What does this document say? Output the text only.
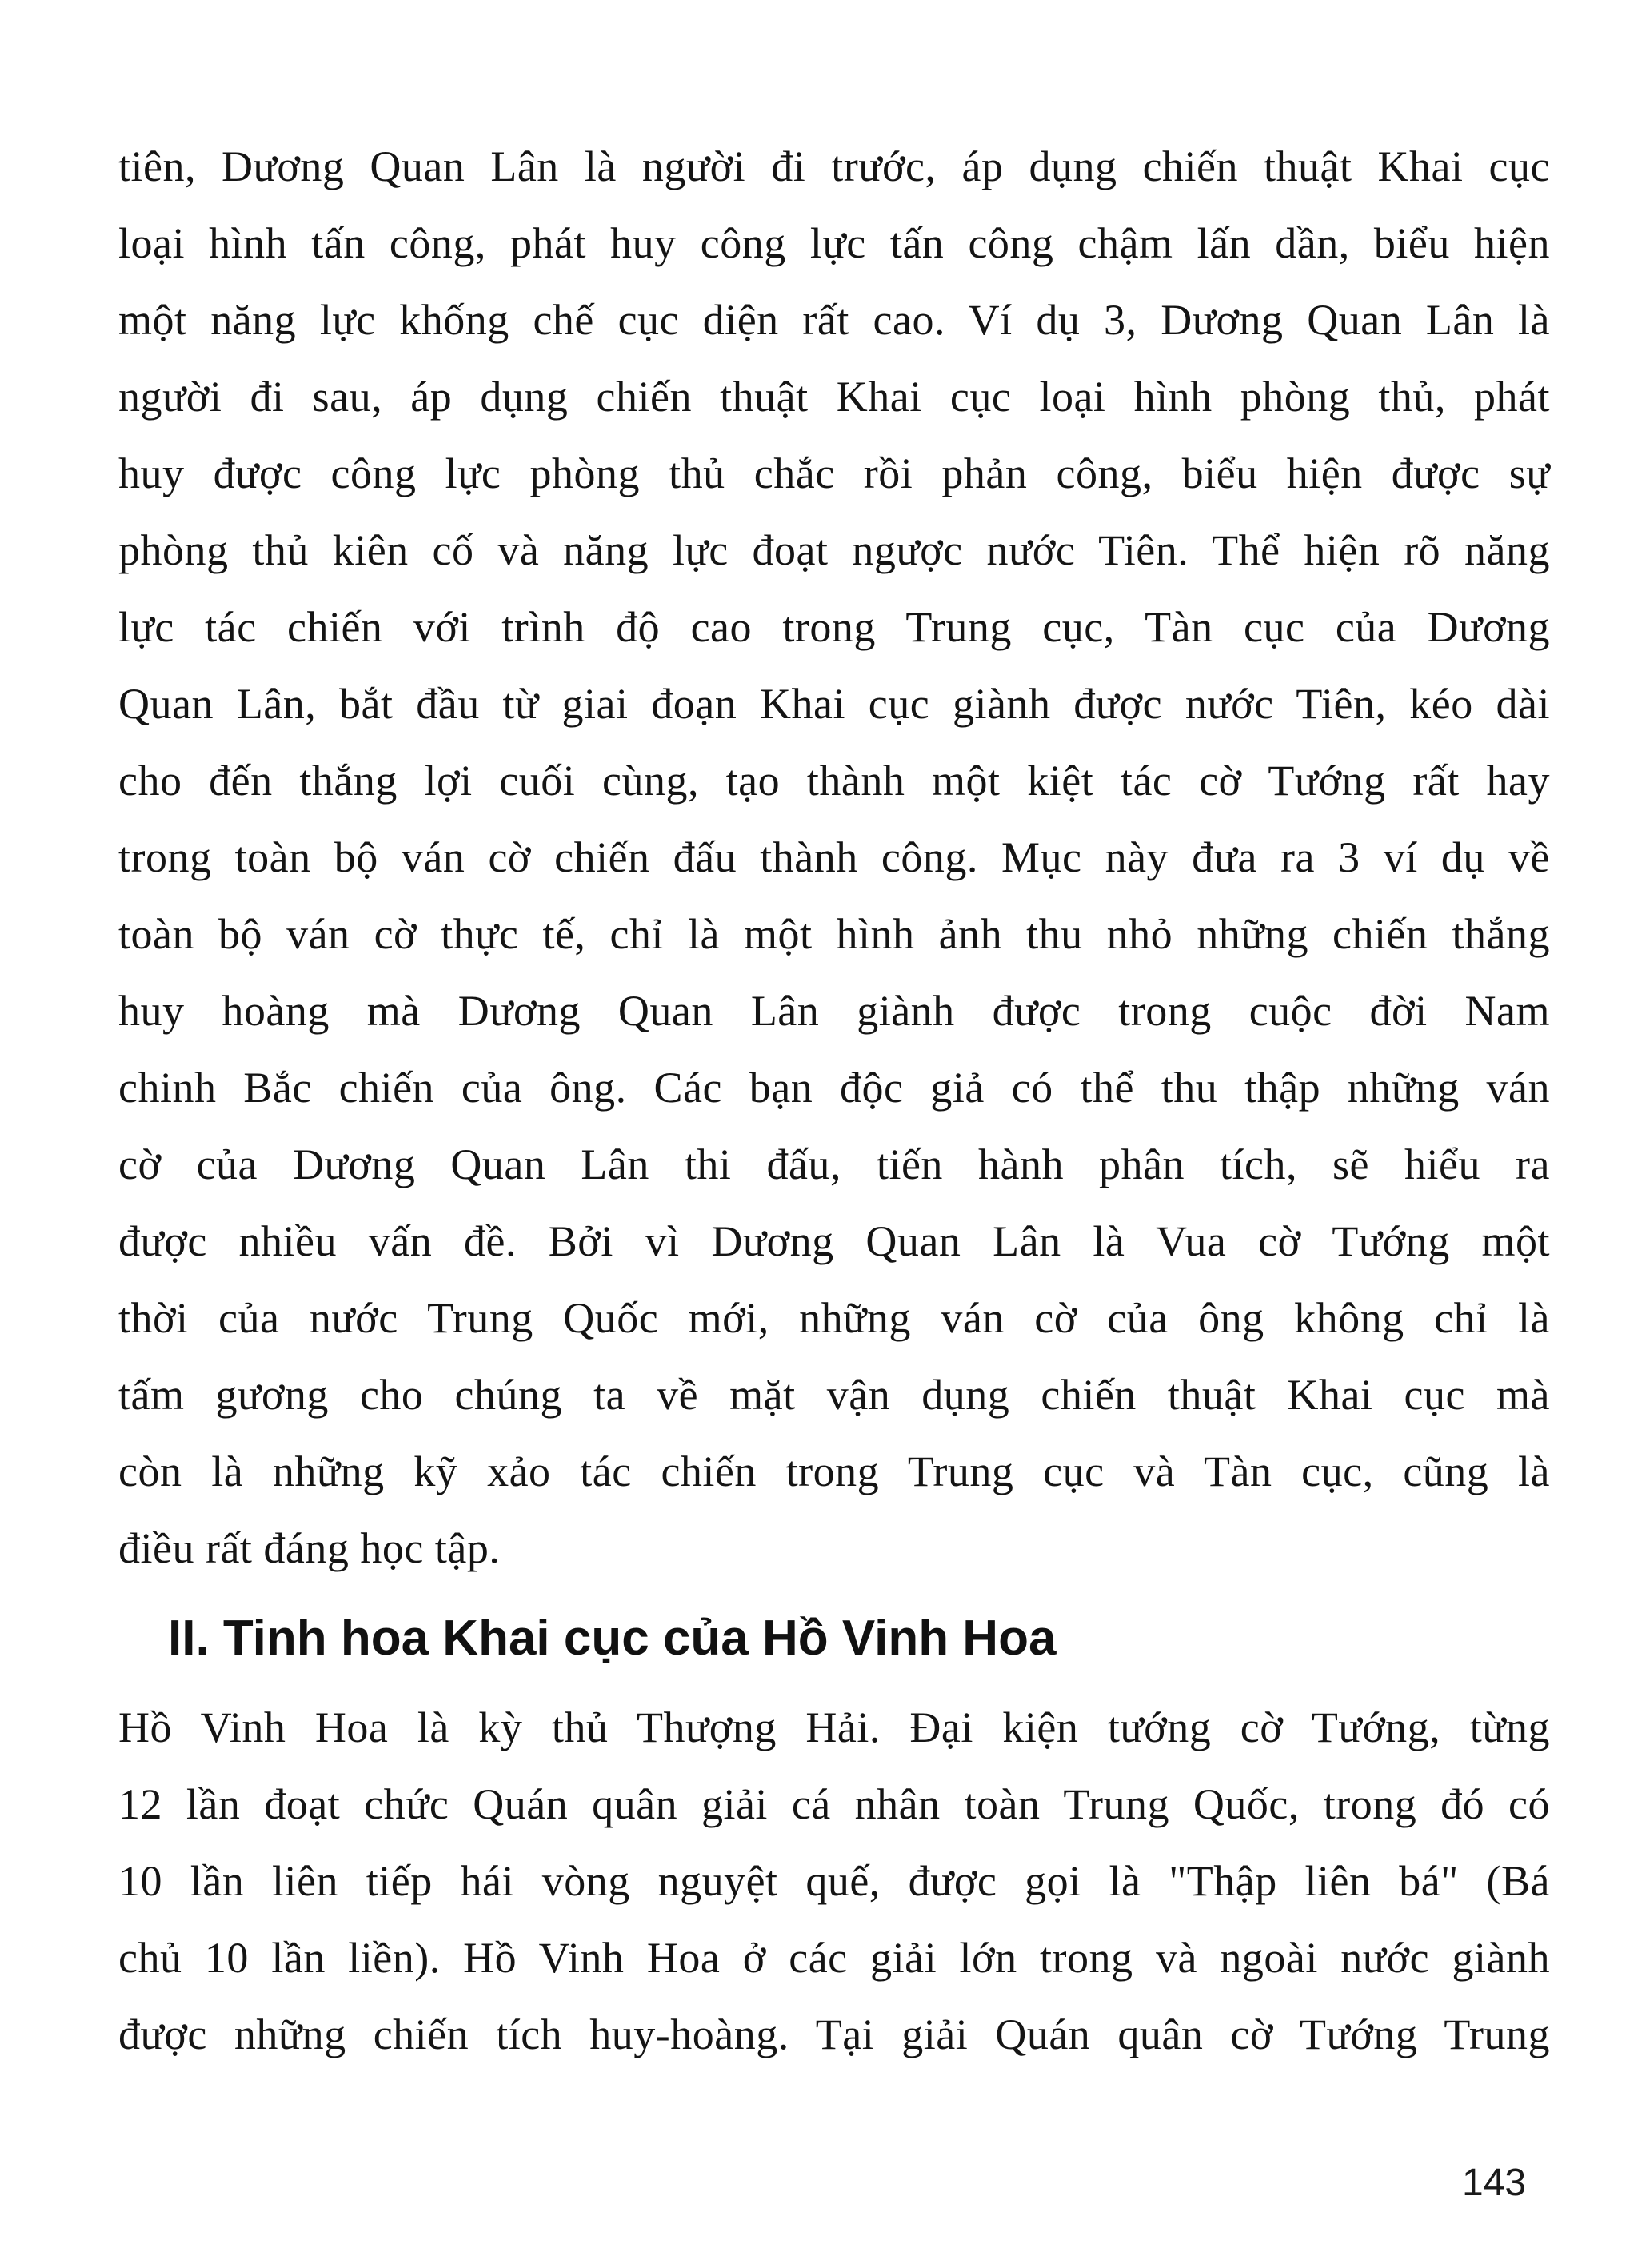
tiên, Dương Quan Lân là người đi trước, áp dụng chiến thuật Khai cục
loại hình tấn công, phát huy công lực tấn công chậm lấn dần, biểu hiện
một năng lực khống chế cục diện rất cao. Ví dụ 3, Dương Quan Lân là
người đi sau, áp dụng chiến thuật Khai cục loại hình phòng thủ, phát
huy được công lực phòng thủ chắc rồi phản công, biểu hiện được sự
phòng thủ kiên cố và năng lực đoạt ngược nước Tiên. Thể hiện rõ năng
lực tác chiến với trình độ cao trong Trung cục, Tàn cục của Dương
Quan Lân, bắt đầu từ giai đoạn Khai cục giành được nước Tiên, kéo dài
cho đến thắng lợi cuối cùng, tạo thành một kiệt tác cờ Tướng rất hay
trong toàn bộ ván cờ chiến đấu thành công. Mục này đưa ra 3 ví dụ về
toàn bộ ván cờ thực tế, chỉ là một hình ảnh thu nhỏ những chiến thắng
huy hoàng mà Dương Quan Lân giành được trong cuộc đời Nam
chinh Bắc chiến của ông. Các bạn độc giả có thể thu thập những ván
cờ của Dương Quan Lân thi đấu, tiến hành phân tích, sẽ hiểu ra
được nhiều vấn đề. Bởi vì Dương Quan Lân là Vua cờ Tướng một
thời của nước Trung Quốc mới, những ván cờ của ông không chỉ là
tấm gương cho chúng ta về mặt vận dụng chiến thuật Khai cục mà
còn là những kỹ xảo tác chiến trong Trung cục và Tàn cục, cũng là
điều rất đáng học tập.
II. Tinh hoa Khai cục của Hồ Vinh Hoa
Hồ Vinh Hoa là kỳ thủ Thượng Hải. Đại kiện tướng cờ Tướng, từng
12 lần đoạt chức Quán quân giải cá nhân toàn Trung Quốc, trong đó có
10 lần liên tiếp hái vòng nguyệt quế, được gọi là "Thập liên bá" (Bá
chủ 10 lần liền). Hồ Vinh Hoa ở các giải lớn trong và ngoài nước giành
được những chiến tích huy-hoàng. Tại giải Quán quân cờ Tướng Trung
143
